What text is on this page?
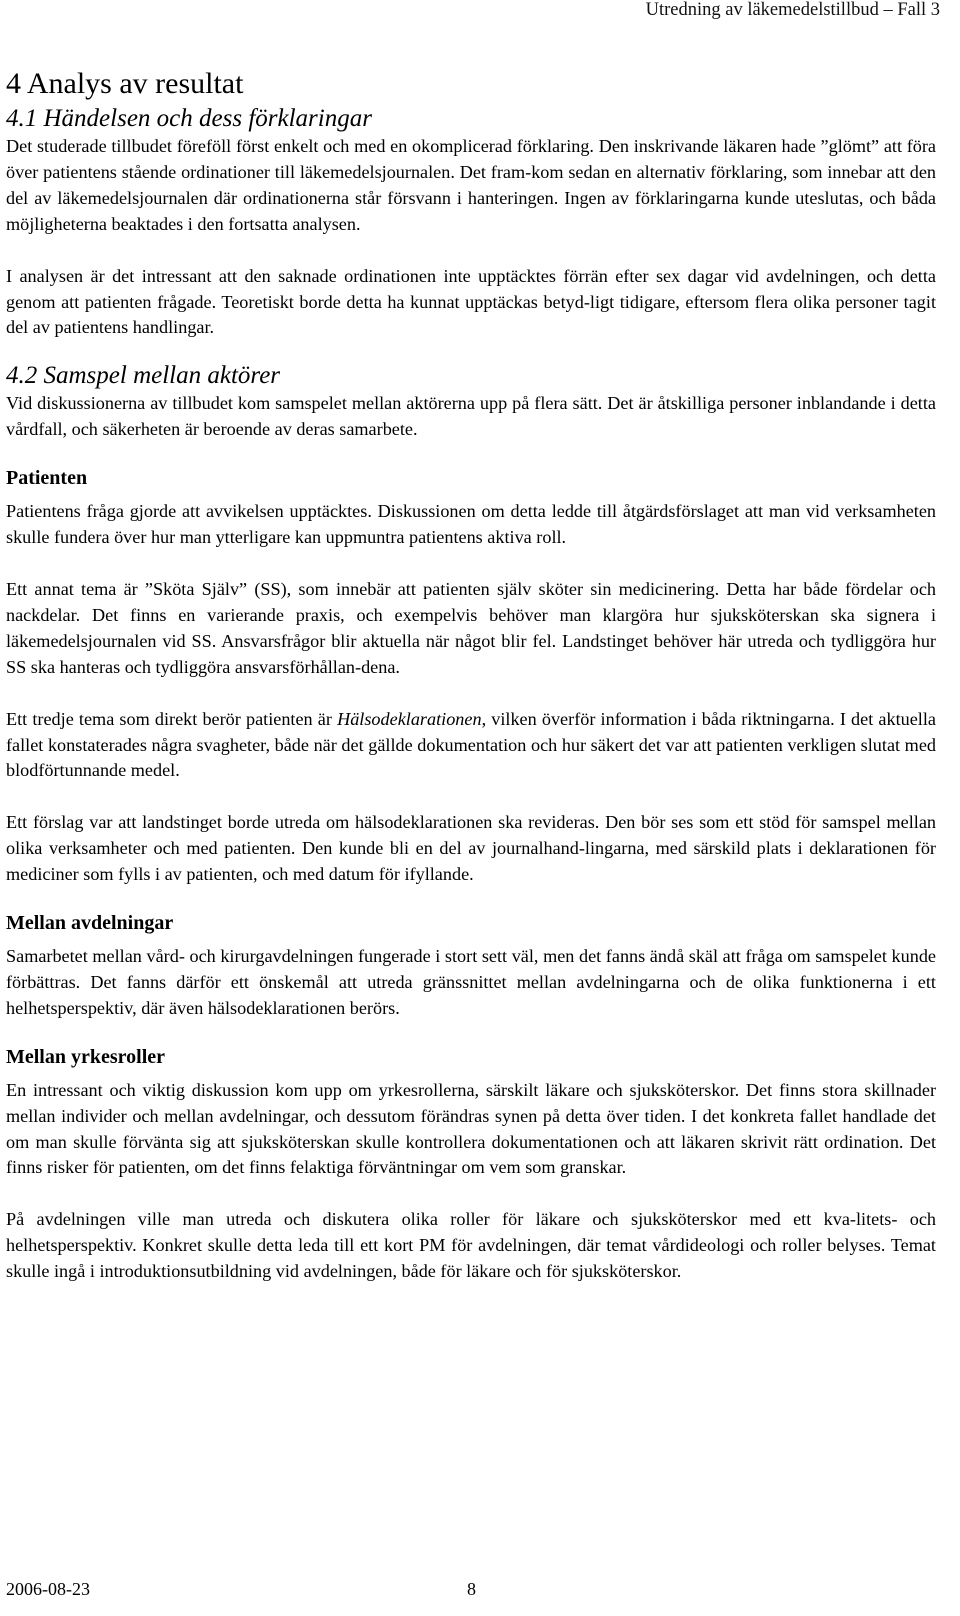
Utredning av läkemedelstillbud – Fall 3
4 Analys av resultat
4.1 Händelsen och dess förklaringar

Det studerade tillbudet föreföll först enkelt och med en okomplicerad förklaring. Den inskrivande läkaren hade ”glömt” att föra över patientens stående ordinationer till läkemedelsjournalen. Det fram-kom sedan en alternativ förklaring, som innebar att den del av läkemedelsjournalen där ordinationerna står försvann i hanteringen. Ingen av förklaringarna kunde uteslutas, och båda möjligheterna beaktades i den fortsatta analysen.

I analysen är det intressant att den saknade ordinationen inte upptäcktes förrän efter sex dagar vid avdelningen, och detta genom att patienten frågade. Teoretiskt borde detta ha kunnat upptäckas betyd-ligt tidigare, eftersom flera olika personer tagit del av patientens handlingar.

4.2 Samspel mellan aktörer

Vid diskussionerna av tillbudet kom samspelet mellan aktörerna upp på flera sätt. Det är åtskilliga personer inblandande i detta vårdfall, och säkerheten är beroende av deras samarbete.

Patienten

Patientens fråga gjorde att avvikelsen upptäcktes. Diskussionen om detta ledde till åtgärdsförslaget att man vid verksamheten skulle fundera över hur man ytterligare kan uppmuntra patientens aktiva roll.

Ett annat tema är ”Sköta Själv” (SS), som innebär att patienten själv sköter sin medicinering. Detta har både fördelar och nackdelar. Det finns en varierande praxis, och exempelvis behöver man klargöra hur sjuksköterskan ska signera i läkemedelsjournalen vid SS. Ansvarsfrågor blir aktuella när något blir fel. Landstinget behöver här utreda och tydliggöra hur SS ska hanteras och tydliggöra ansvarsförhållan-dena.

Ett tredje tema som direkt berör patienten är Hälsodeklarationen, vilken överför information i båda riktningarna. I det aktuella fallet konstaterades några svagheter, både när det gällde dokumentation och hur säkert det var att patienten verkligen slutat med blodförtunnande medel.

Ett förslag var att landstinget borde utreda om hälsodeklarationen ska revideras. Den bör ses som ett stöd för samspel mellan olika verksamheter och med patienten. Den kunde bli en del av journalhand-lingarna, med särskild plats i deklarationen för mediciner som fylls i av patienten, och med datum för ifyllande.

Mellan avdelningar

Samarbetet mellan vård- och kirurgavdelningen fungerade i stort sett väl, men det fanns ändå skäl att fråga om samspelet kunde förbättras. Det fanns därför ett önskemål att utreda gränssnittet mellan avdelningarna och de olika funktionerna i ett helhetsperspektiv, där även hälsodeklarationen berörs.

Mellan yrkesroller

En intressant och viktig diskussion kom upp om yrkesrollerna, särskilt läkare och sjuksköterskor. Det finns stora skillnader mellan individer och mellan avdelningar, och dessutom förändras synen på detta över tiden. I det konkreta fallet handlade det om man skulle förvänta sig att sjuksköterskan skulle kontrollera dokumentationen och att läkaren skrivit rätt ordination. Det finns risker för patienten, om det finns felaktiga förväntningar om vem som granskar.

På avdelningen ville man utreda och diskutera olika roller för läkare och sjuksköterskor med ett kva-litets- och helhetsperspektiv. Konkret skulle detta leda till ett kort PM för avdelningen, där temat vårdideologi och roller belyses. Temat skulle ingå i introduktionsutbildning vid avdelningen, både för läkare och för sjuksköterskor.

2006-08-23	8
